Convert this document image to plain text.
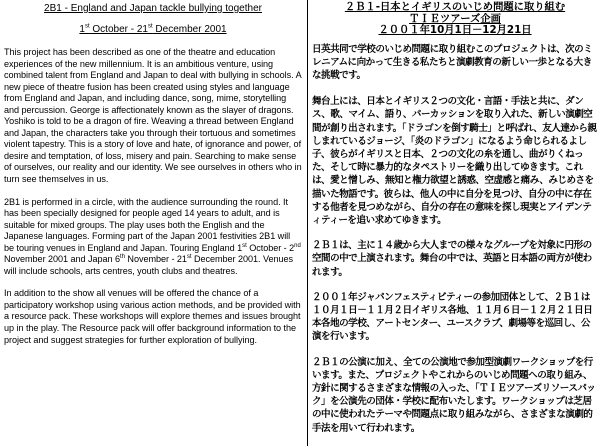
2B1 - England and Japan tackle bullying together

1st October - 21st December 2001

This project has been described as one of the theatre and education experiences of the new millennium. It is an ambitious venture, using combined talent from England and Japan to deal with bullying in schools. A new piece of theatre fusion has been created using styles and language from England and Japan, and including dance, song, mime, storytelling and percussion. George is affectionately known as the slayer of dragons. Yoshiko is told to be a dragon of fire. Weaving a thread between England and Japan, the characters take you through their tortuous and sometimes violent tapestry. This is a story of love and hate, of ignorance and power, of desire and temptation, of loss, misery and pain. Searching to make sense of ourselves, our reality and our identity. We see ourselves in others who in turn see themselves in us.

2B1 is performed in a circle, with the audience surrounding the round. It has been specially designed for people aged 14 years to adult, and is suitable for mixed groups. The play uses both the English and the Japanese languages. Forming part of the Japan 2001 festivities 2B1 will be touring venues in England and Japan. Touring England 1st October - 2nd November 2001 and Japan 6th November - 21st December 2001. Venues will include schools, arts centres, youth clubs and theatres.

In addition to the show all venues will be offered the chance of a participatory workshop using various action methods, and be provided with a resource pack. These workshops will explore themes and issues brought up in the play. The Resource pack will offer background information to the project and suggest strategies for further exploration of bullying.

２Ｂ１-日本とイギリスのいじめ問題に取り組む
ＴＩＥツアーズ企画
２００１年10月1日－12月21日

日英共同で学校のいじめ問題に取り組むこのプロジェクトは、次のミレニアムに向かって生きる私たちと演劇教育の新しい一歩となる大きな挑戦です。

舞台上には、日本とイギリス２つの文化・言語・手法と共に、ダンス、歌、マイム、語り、パーカッションを取り入れた、新しい演劇空間が創り出されます。「ドラゴンを倒す騎士」と呼ばれ、友人達から親しまれているジョージ、「炎のドラゴン」になるよう命じられるよし子、彼らがイギリスと日本、２つの文化の糸を通し、曲がりくねった、そして時に暴力的なタペストリーを織り出してゆきます。これは、愛と憎しみ、無知と権力欲望と誘惑、空虚感と痛み、みじめさを描いた物語です。彼らは、他人の中に自分を見つけ、自分の中に存在する他者を見つめながら、自分の存在の意味を探し現実とアイデンティティーを追い求めてゆきます。

２Ｂ１は、主に１４歳から大人までの様々なグループを対象に円形の空間の中で上演されます。舞台の中では、英語と日本語の両方が使われます。

２００１年ジャパンフェスティビティーの参加団体として、２Ｂ１は１０月１日－１１月２日イギリス各地、１１月６日－１２月２１日日本各地の学校、アートセンター、ユースクラブ、劇場等を巡回し、公演を行います。

２Ｂ１の公演に加え、全ての公演地で参加型演劇ワークショップを行います。また、プロジェクトやこれからのいじめ問題への取り組み、方針に関するさまざまな情報の入った、「ＴＩＥツアーズリソースパック」を公演先の団体・学校に配布いたします。ワークショップは芝居の中に使われたテーマや問題点に取り組みながら、さまざまな演劇的手法を用いて行われます。
